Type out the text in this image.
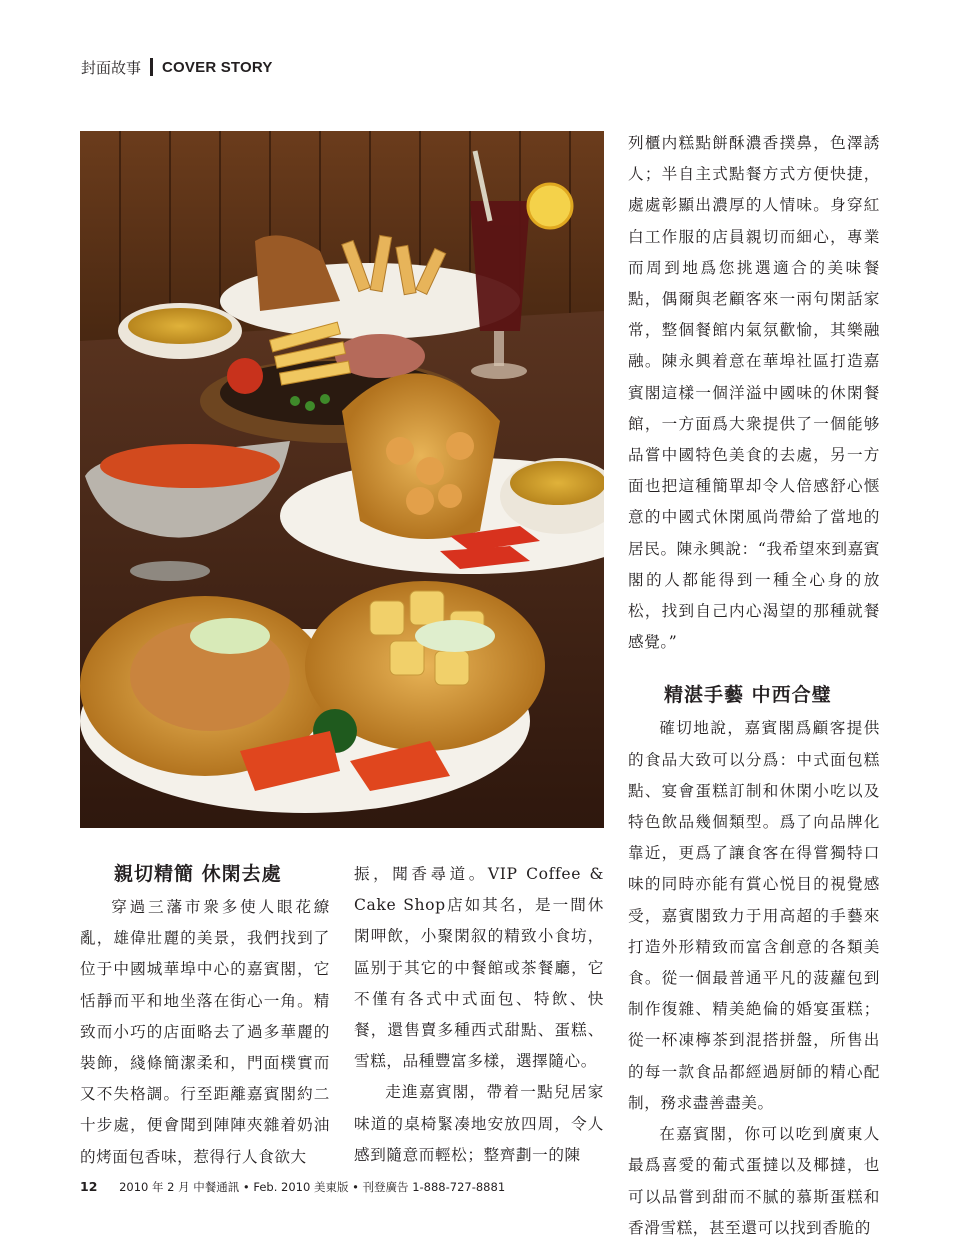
封面故事 COVER STORY
親切精簡 休閑去處

穿過三藩市衆多使人眼花繚亂，雄偉壯麗的美景，我們找到了位于中國城華埠中心的嘉賓閣，它恬靜而平和地坐落在街心一角。精致而小巧的店面略去了過多華麗的裝飾，綫條簡潔柔和，門面樸實而又不失格調。行至距離嘉賓閣約二十步處，便會聞到陣陣夾雜着奶油的烤面包香味，惹得行人食欲大

振，聞香尋道。VIP Coffee & Cake Shop店如其名，是一間休閑呷飲，小聚閑叙的精致小食坊，區别于其它的中餐館或茶餐廳，它不僅有各式中式面包、特飲、快餐，還售賣多種西式甜點、蛋糕、雪糕，品種豐富多樣，選擇隨心。

走進嘉賓閣，帶着一點兒居家味道的桌椅緊凑地安放四周，令人感到隨意而輕松；整齊劃一的陳

列櫃内糕點餅酥濃香撲鼻，色澤誘人；半自主式點餐方式方便快捷，處處彰顯出濃厚的人情味。身穿紅白工作服的店員親切而細心，專業而周到地爲您挑選適合的美味餐點，偶爾與老顧客來一兩句閑話家常，整個餐館内氣氛歡愉，其樂融融。陳永興着意在華埠社區打造嘉賓閣這樣一個洋溢中國味的休閑餐館，一方面爲大衆提供了一個能够品嘗中國特色美食的去處，另一方面也把這種簡單却令人倍感舒心惬意的中國式休閑風尚帶給了當地的居民。陳永興說：“我希望來到嘉賓閣的人都能得到一種全心身的放松，找到自己内心渴望的那種就餐感覺。”

精湛手藝 中西合璧

確切地說，嘉賓閣爲顧客提供的食品大致可以分爲：中式面包糕點、宴會蛋糕訂制和休閑小吃以及特色飲品幾個類型。爲了向品牌化靠近，更爲了讓食客在得嘗獨特口味的同時亦能有賞心悦目的視覺感受，嘉賓閣致力于用高超的手藝來打造外形精致而富含創意的各類美食。從一個最普通平凡的菠蘿包到制作復雜、精美絶倫的婚宴蛋糕；從一杯凍檸茶到混搭拼盤，所售出的每一款食品都經過厨師的精心配制，務求盡善盡美。

在嘉賓閣，你可以吃到廣東人最爲喜愛的葡式蛋撻以及椰撻，也可以品嘗到甜而不腻的慕斯蛋糕和香滑雪糕，甚至還可以找到香脆的

12 2010 年 2 月 中餐通訊 • Feb. 2010 美東版 • 刊登廣告 1-888-727-8881
